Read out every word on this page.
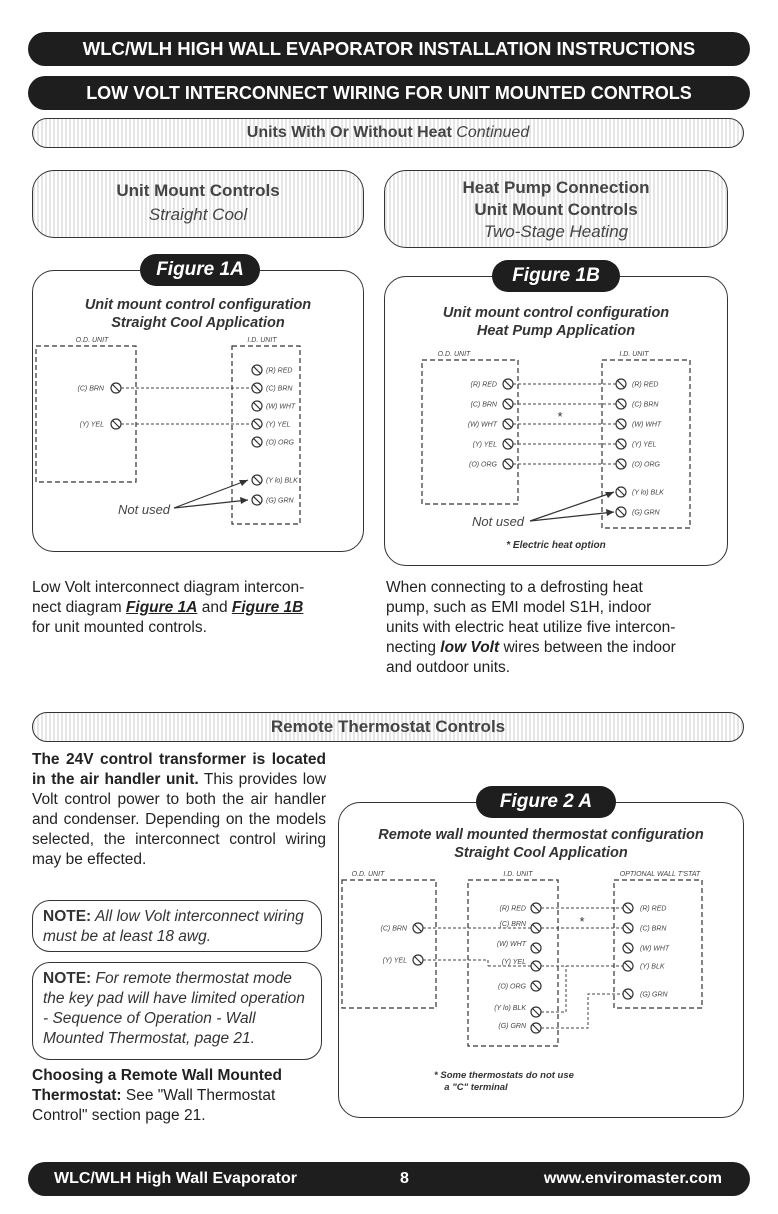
WLC/WLH HIGH WALL EVAPORATOR INSTALLATION INSTRUCTIONS
LOW VOLT INTERCONNECT WIRING FOR UNIT MOUNTED CONTROLS
Units With Or Without Heat Continued
Unit Mount Controls
Straight Cool
Heat Pump Connection
Unit Mount Controls
Two-Stage Heating
Figure 1A
Unit mount control configuration
Straight Cool Application
O.D. UNIT	I.D. UNIT
(C) BRN
(Y) YEL
(R) RED
(C) BRN
(W) WHT
(Y) YEL
(O) ORG
(Y lo) BLK
(G) GRN
Not used
Figure 1B
Unit mount control configuration
Heat Pump Application
O.D. UNIT	I.D. UNIT
(R) RED
(C) BRN
(W) WHT
(Y) YEL
(O) ORG
*
(R) RED
(C) BRN
(W) WHT
(Y) YEL
(O) ORG
(Y lo) BLK
(G) GRN
Not used
* Electric heat option
Low Volt interconnect diagram intercon-
nect diagram Figure 1A and Figure 1B
for unit mounted controls.
When connecting to a defrosting heat
pump, such as EMI model S1H, indoor
units with electric heat utilize five intercon-
necting low Volt wires between the indoor
and outdoor units.
Remote Thermostat Controls
The 24V control transformer is located in the air handler unit. This provides low Volt control power to both the air handler and condenser. Depending on the models selected, the interconnect control wiring may be effected.
NOTE: All low Volt interconnect wiring must be at least 18 awg.
NOTE: For remote thermostat mode the key pad will have limited operation - Sequence of Operation - Wall Mounted Thermostat, page 21.
Choosing a Remote Wall Mounted Thermostat: See "Wall Thermostat Control" section page 21.
Figure 2 A
Remote wall mounted thermostat configuration
Straight Cool Application
O.D. UNIT	I.D. UNIT	OPTIONAL WALL T'STAT
(C) BRN
(Y) YEL
(R) RED
(C) BRN
(W) WHT
(Y) YEL
(O) ORG
(Y lo) BLK
(G) GRN
(R) RED
(C) BRN
(W) WHT
(Y) BLK
(G) GRN
*
* Some thermostats do not use
a "C" terminal
WLC/WLH High Wall Evaporator	8	www.enviromaster.com
